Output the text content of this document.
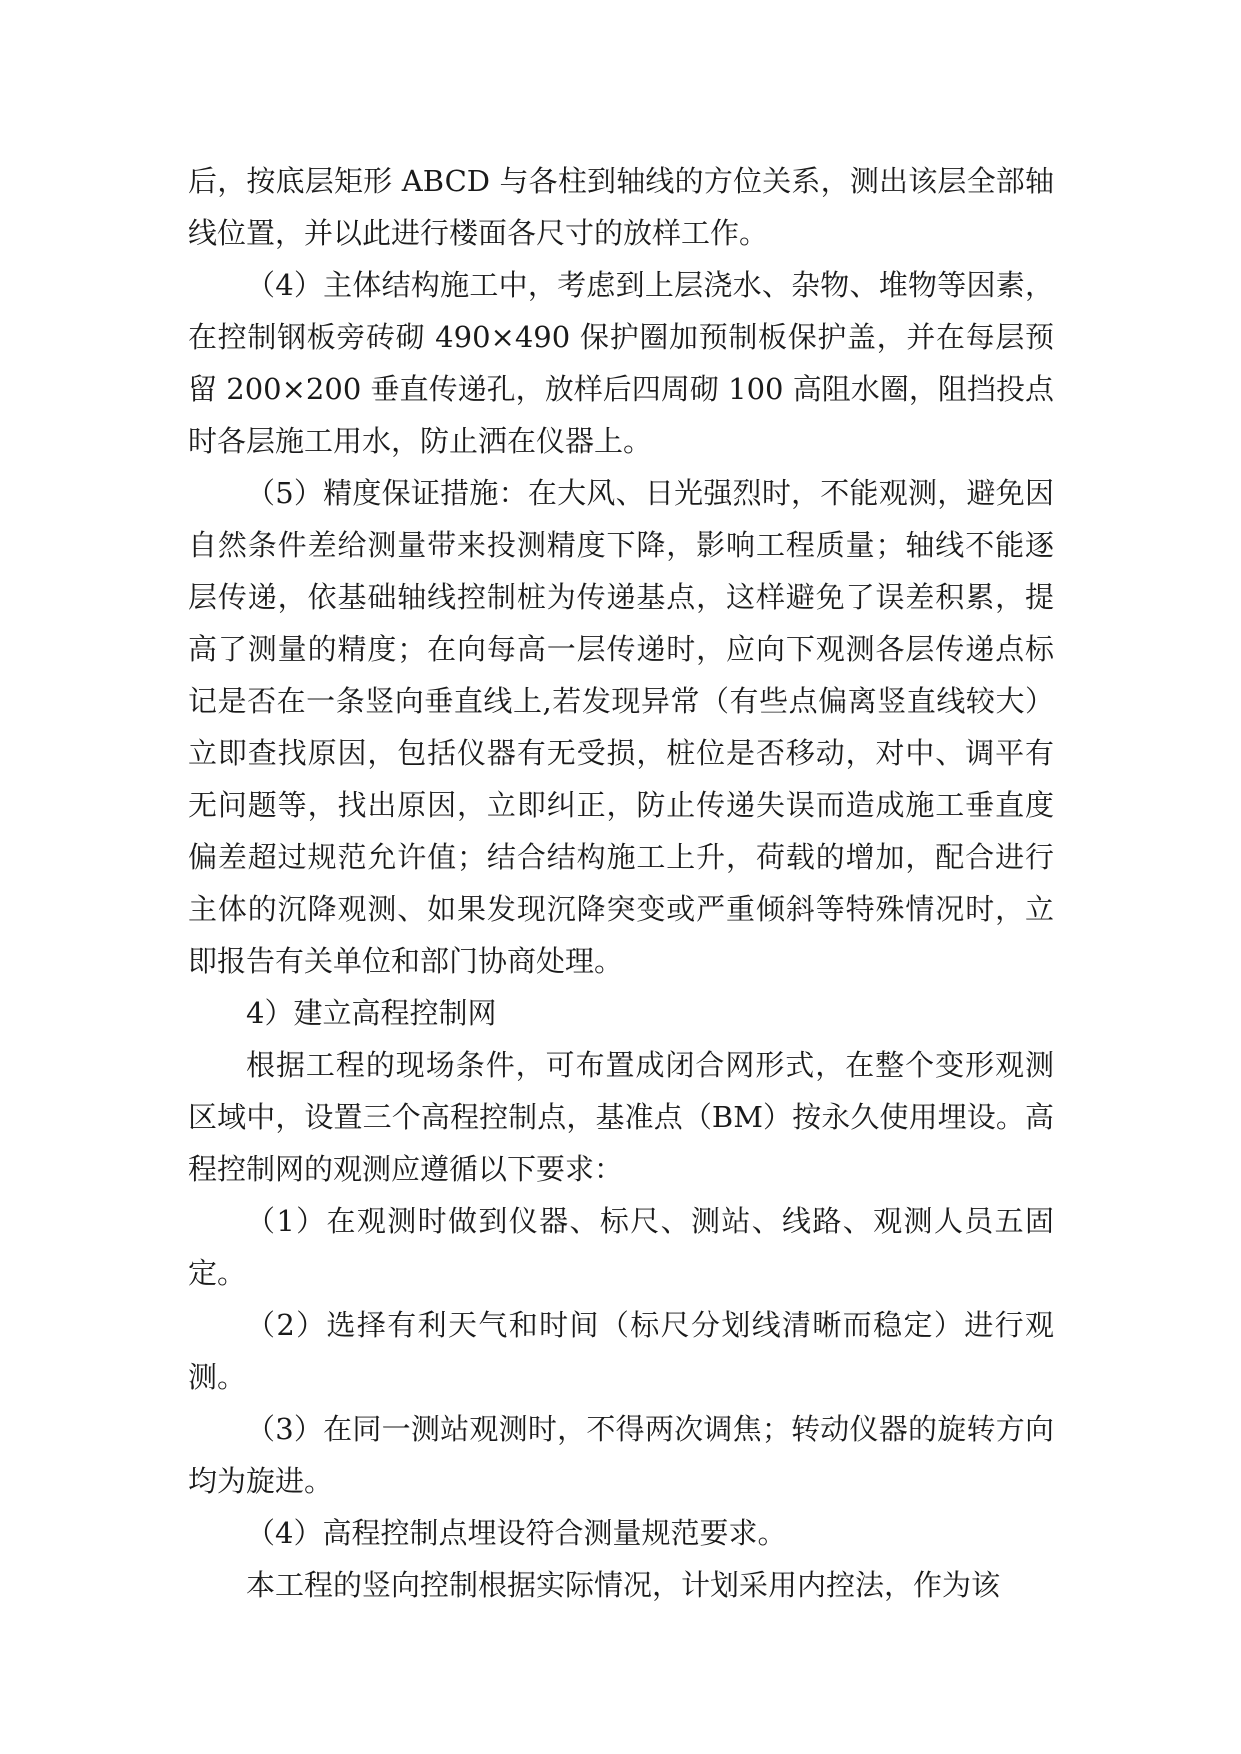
后，按底层矩形 ABCD 与各柱到轴线的方位关系，测出该层全部轴线位置，并以此进行楼面各尺寸的放样工作。

（4）主体结构施工中，考虑到上层浇水、杂物、堆物等因素，在控制钢板旁砖砌 490×490 保护圈加预制板保护盖，并在每层预留 200×200 垂直传递孔，放样后四周砌 100 高阻水圈，阻挡投点时各层施工用水，防止洒在仪器上。

（5）精度保证措施：在大风、日光强烈时，不能观测，避免因自然条件差给测量带来投测精度下降，影响工程质量；轴线不能逐层传递，依基础轴线控制桩为传递基点，这样避免了误差积累，提高了测量的精度；在向每高一层传递时，应向下观测各层传递点标记是否在一条竖向垂直线上,若发现异常（有些点偏离竖直线较大）立即查找原因，包括仪器有无受损，桩位是否移动，对中、调平有无问题等，找出原因，立即纠正，防止传递失误而造成施工垂直度偏差超过规范允许值；结合结构施工上升，荷载的增加，配合进行主体的沉降观测、如果发现沉降突变或严重倾斜等特殊情况时，立即报告有关单位和部门协商处理。

4）建立高程控制网

根据工程的现场条件，可布置成闭合网形式，在整个变形观测区域中，设置三个高程控制点，基准点（BM）按永久使用埋设。高程控制网的观测应遵循以下要求：

（1）在观测时做到仪器、标尺、测站、线路、观测人员五固定。

（2）选择有利天气和时间（标尺分划线清晰而稳定）进行观测。

（3）在同一测站观测时，不得两次调焦；转动仪器的旋转方向均为旋进。

（4）高程控制点埋设符合测量规范要求。

本工程的竖向控制根据实际情况，计划采用内控法，作为该
